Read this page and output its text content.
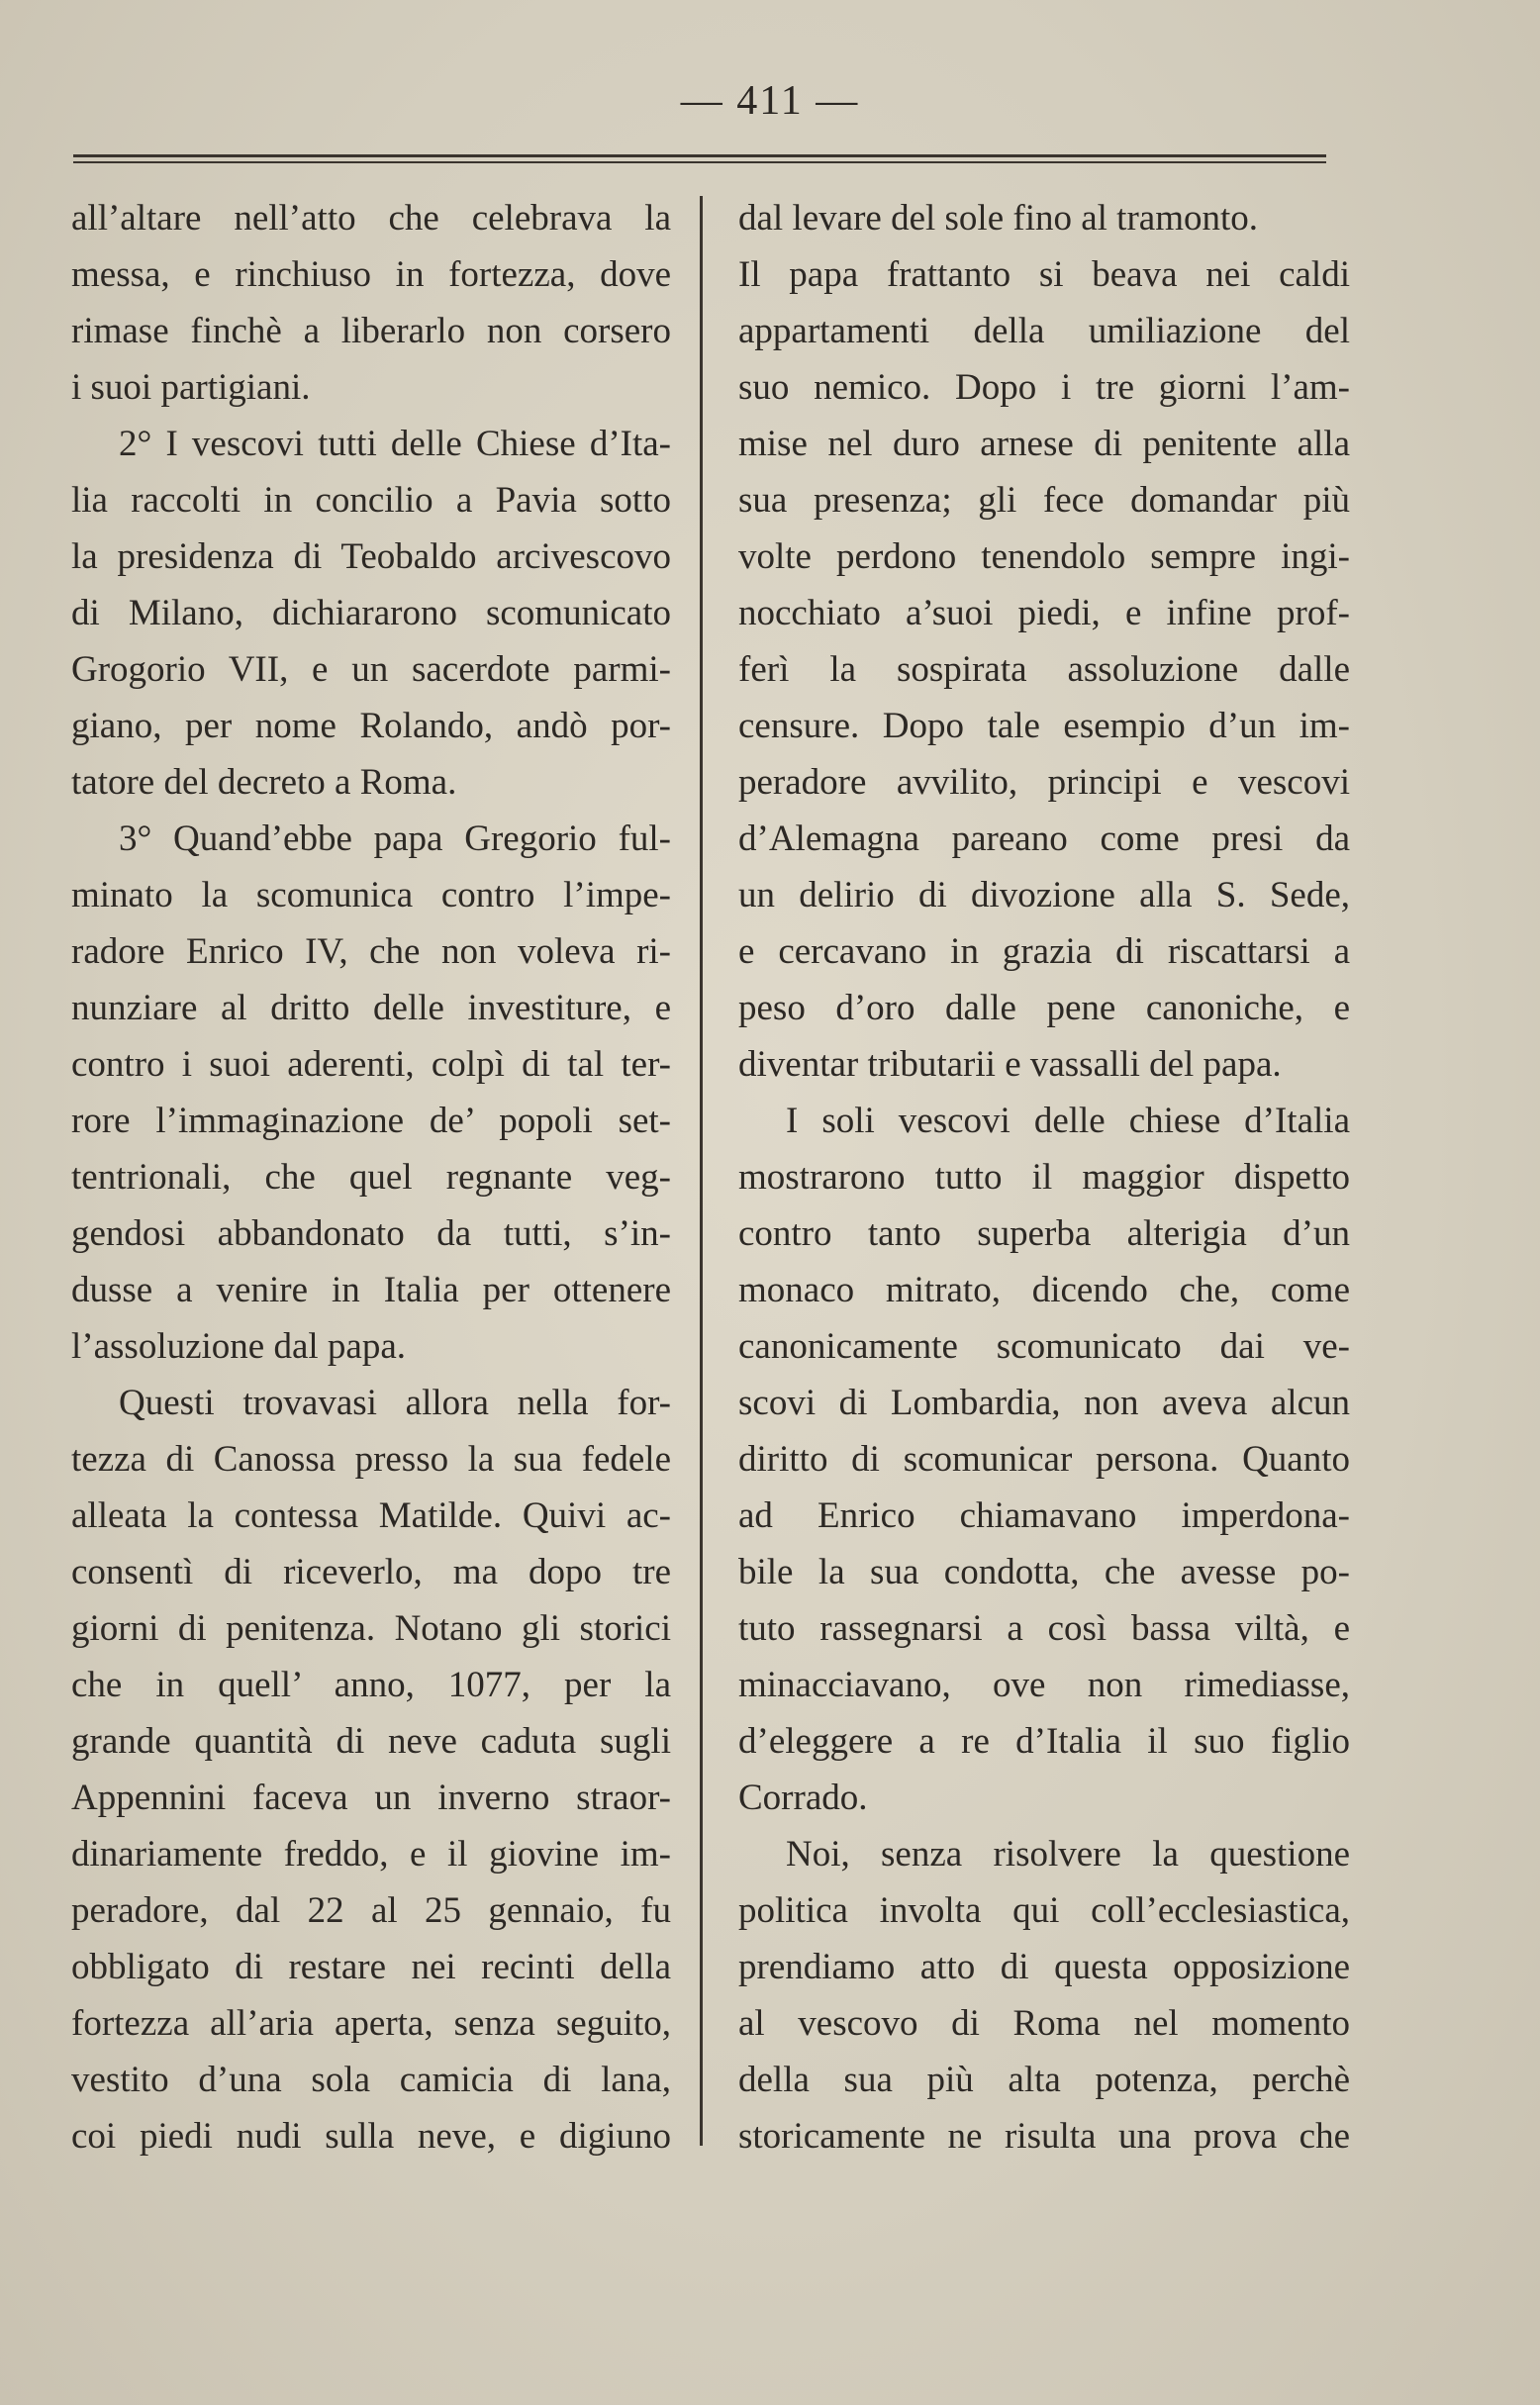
— 411 —
all’altare nell’atto che celebrava la
messa, e rinchiuso in fortezza, dove
rimase finchè a liberarlo non corsero
i suoi partigiani.
2° I vescovi tutti delle Chiese d’Ita-
lia raccolti in concilio a Pavia sotto
la presidenza di Teobaldo arcivescovo
di Milano, dichiararono scomunicato
Grogorio VII, e un sacerdote parmi-
giano, per nome Rolando, andò por-
tatore del decreto a Roma.
3° Quand’ebbe papa Gregorio ful-
minato la scomunica contro l’impe-
radore Enrico IV, che non voleva ri-
nunziare al dritto delle investiture, e
contro i suoi aderenti, colpì di tal ter-
rore l’immaginazione de’ popoli set-
tentrionali, che quel regnante veg-
gendosi abbandonato da tutti, s’in-
dusse a venire in Italia per ottenere
l’assoluzione dal papa.
Questi trovavasi allora nella for-
tezza di Canossa presso la sua fedele
alleata la contessa Matilde. Quivi ac-
consentì di riceverlo, ma dopo tre
giorni di penitenza. Notano gli storici
che in quell’ anno, 1077, per la
grande quantità di neve caduta sugli
Appennini faceva un inverno straor-
dinariamente freddo, e il giovine im-
peradore, dal 22 al 25 gennaio, fu
obbligato di restare nei recinti della
fortezza all’aria aperta, senza seguito,
vestito d’una sola camicia di lana,
coi piedi nudi sulla neve, e digiuno
dal levare del sole fino al tramonto.
Il papa frattanto si beava nei caldi
appartamenti della umiliazione del
suo nemico. Dopo i tre giorni l’am-
mise nel duro arnese di penitente alla
sua presenza; gli fece domandar più
volte perdono tenendolo sempre ingi-
nocchiato a’suoi piedi, e infine prof-
ferì la sospirata assoluzione dalle
censure. Dopo tale esempio d’un im-
peradore avvilito, principi e vescovi
d’Alemagna pareano come presi da
un delirio di divozione alla S. Sede,
e cercavano in grazia di riscattarsi a
peso d’oro dalle pene canoniche, e
diventar tributarii e vassalli del papa.
I soli vescovi delle chiese d’Italia
mostrarono tutto il maggior dispetto
contro tanto superba alterigia d’un
monaco mitrato, dicendo che, come
canonicamente scomunicato dai ve-
scovi di Lombardia, non aveva alcun
diritto di scomunicar persona. Quanto
ad Enrico chiamavano imperdona-
bile la sua condotta, che avesse po-
tuto rassegnarsi a così bassa viltà, e
minacciavano, ove non rimediasse,
d’eleggere a re d’Italia il suo figlio
Corrado.
Noi, senza risolvere la questione
politica involta qui coll’ecclesiastica,
prendiamo atto di questa opposizione
al vescovo di Roma nel momento
della sua più alta potenza, perchè
storicamente ne risulta una prova che
